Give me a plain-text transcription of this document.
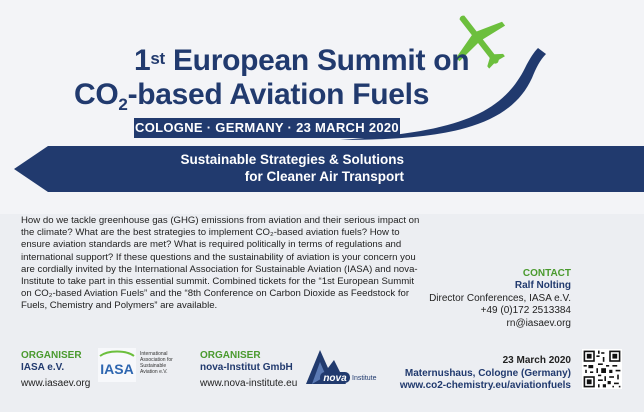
1st European Summit on
$CO_2$-based Aviation Fuels
COLOGNE · GERMANY · 23 MARCH 2020
Sustainable Strategies & Solutions
for Cleaner Air Transport

How do we tackle greenhouse gas (GHG) emissions from aviation and their serious impact on the climate? What are the best strategies to implement CO₂-based aviation fuels? How to ensure aviation standards are met? What is required politically in terms of regulations and international support? If these questions and the sustainability of aviation is your concern you are cordially invited by the International Association for Sustainable Aviation (IASA) and nova-Institute to take part in this essential summit. Combined tickets for the “1st European Summit on CO₂-based Aviation Fuels” and the “8th Conference on Carbon Dioxide as Feedstock for Fuels, Chemistry and Polymers” are available.

CONTACT
Ralf Nolting
Director Conferences, IASA e.V.
+49 (0)172 2513384
rn@iasaev.org
ORGANISER
IASA e.V.
www.iasaev.org
IASA
International Association for Sustainable Aviation e.V.
ORGANISER
nova-Institut GmbH
www.nova-institute.eu	nova Institute
23 March 2020
Maternushaus, Cologne (Germany)
www.co2-chemistry.eu/aviationfuels
